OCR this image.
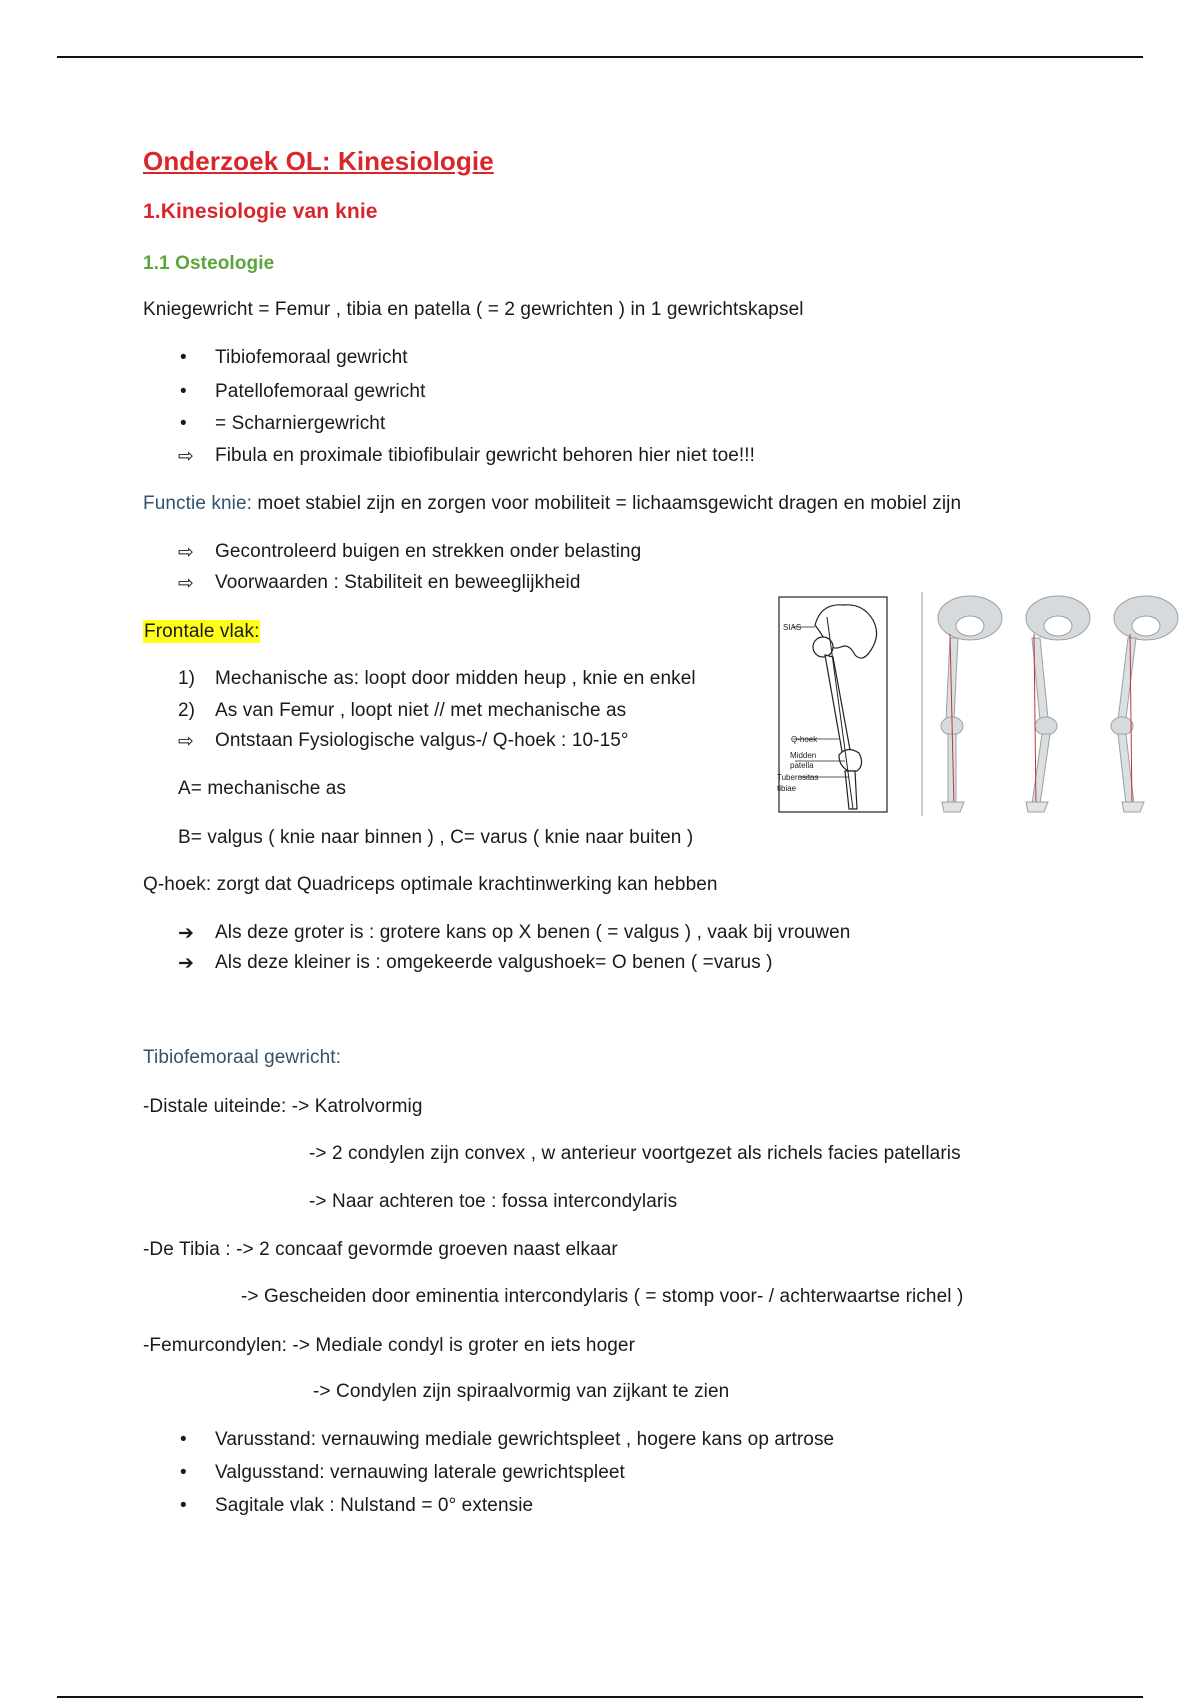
Onderzoek OL: Kinesiologie
1.Kinesiologie van knie
1.1 Osteologie
Kniegewricht = Femur , tibia en patella ( = 2 gewrichten ) in 1 gewrichtskapsel
• Tibiofemoraal gewricht
• Patellofemoraal gewricht
• = Scharniergewricht
⇨ Fibula en proximale tibiofibulair gewricht behoren hier niet toe!!!
Functie knie: moet stabiel zijn en zorgen voor mobiliteit = lichaamsgewicht dragen en mobiel zijn
⇨ Gecontroleerd buigen en strekken onder belasting
⇨ Voorwaarden : Stabiliteit en beweeglijkheid
Frontale vlak:
1) Mechanische as: loopt door midden heup , knie en enkel
2) As van Femur , loopt niet // met mechanische as
⇨ Ontstaan Fysiologische valgus-/ Q-hoek : 10-15°
A= mechanische as
B= valgus ( knie naar binnen ) , C= varus ( knie naar buiten )
SIAS
Q-hoek
Midden
patella
Tuberositas
tibiae
Q-hoek: zorgt dat Quadriceps optimale krachtinwerking kan hebben
➔ Als deze groter is : grotere kans op X benen ( = valgus ) , vaak bij vrouwen
➔ Als deze kleiner is : omgekeerde valgushoek= O benen ( =varus )
Tibiofemoraal gewricht:
-Distale uiteinde: -> Katrolvormig
-> 2 condylen zijn convex , w anterieur voortgezet als richels facies patellaris
-> Naar achteren toe : fossa intercondylaris
-De Tibia : -> 2 concaaf gevormde groeven naast elkaar
-> Gescheiden door eminentia intercondylaris ( = stomp voor- / achterwaartse richel )
-Femurcondylen: -> Mediale condyl is groter en iets hoger
-> Condylen zijn spiraalvormig van zijkant te zien
• Varusstand: vernauwing mediale gewrichtspleet , hogere kans op artrose
• Valgusstand: vernauwing laterale gewrichtspleet
• Sagitale vlak : Nulstand = 0° extensie
